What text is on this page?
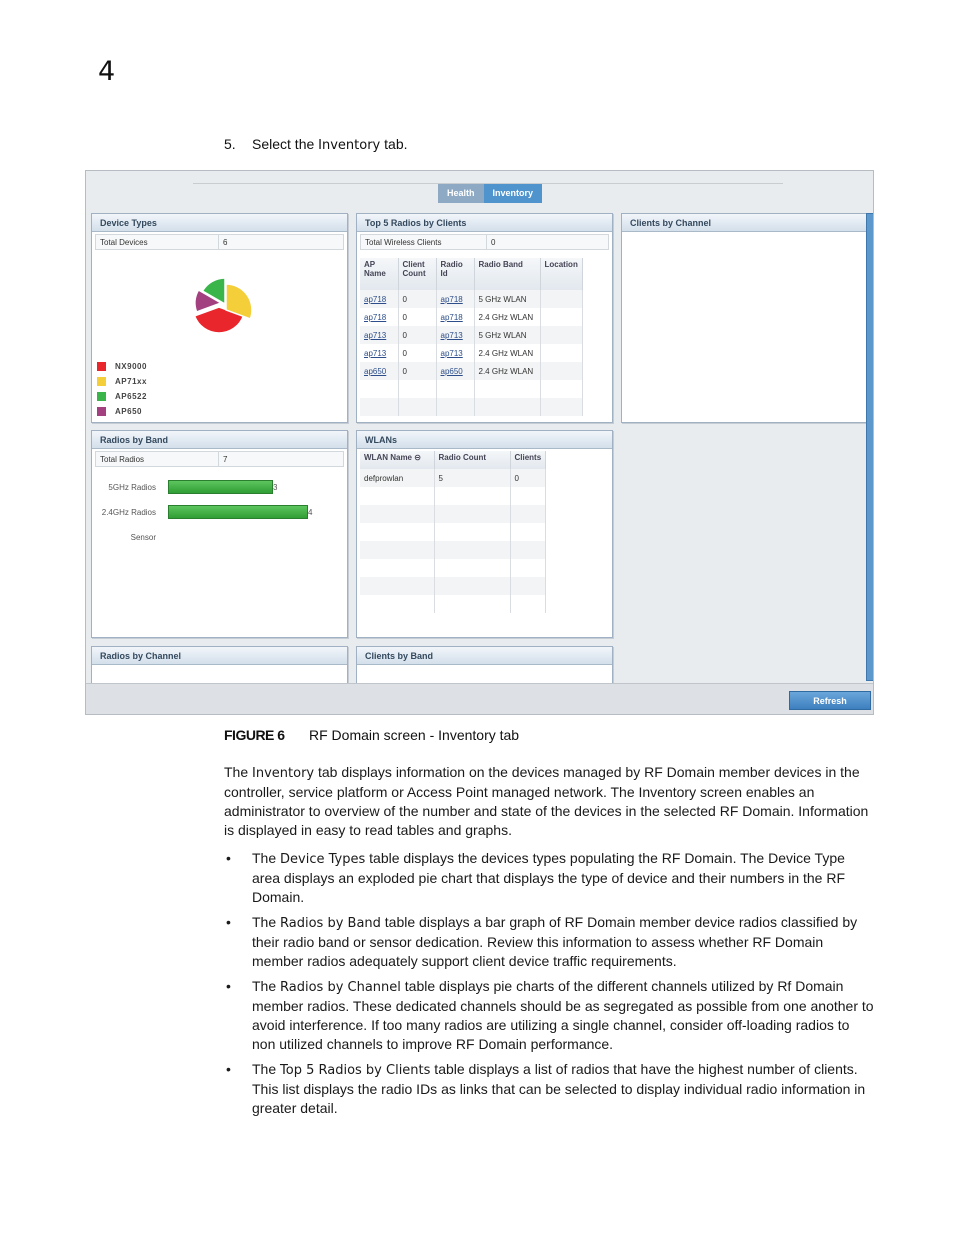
4
5. Select the Inventory tab.
Health	Inventory
Device Types
Total Devices	6
NX9000
AP71xx
AP6522
AP650
Top 5 Radios by Clients
Total Wireless Clients	0
AP Name	Client Count	Radio Id	Radio Band	Location
ap718	0	ap718	5 GHz WLAN	
ap718	0	ap718	2.4 GHz WLAN	
ap713	0	ap713	5 GHz WLAN	
ap713	0	ap713	2.4 GHz WLAN	
ap650	0	ap650	2.4 GHz WLAN	

Clients by Channel
Radios by Band
Total Radios	7
5GHz Radios	3
2.4GHz Radios	4
Sensor
WLANs
WLAN Name ⊝	Radio Count	Clients
defprowlan	5	0

Radios by Channel	Clients by Band
Refresh
FIGURE 6 RF Domain screen - Inventory tab

The Inventory tab displays information on the devices managed by RF Domain member devices in the controller, service platform or Access Point managed network. The Inventory screen enables an administrator to overview of the number and state of the devices in the selected RF Domain. Information is displayed in easy to read tables and graphs.

• The Device Types table displays the devices types populating the RF Domain. The Device Type area displays an exploded pie chart that displays the type of device and their numbers in the RF Domain.
• The Radios by Band table displays a bar graph of RF Domain member device radios classified by their radio band or sensor dedication. Review this information to assess whether RF Domain member radios adequately support client device traffic requirements.
• The Radios by Channel table displays pie charts of the different channels utilized by Rf Domain member radios. These dedicated channels should be as segregated as possible from one another to avoid interference. If too many radios are utilizing a single channel, consider off-loading radios to non utilized channels to improve RF Domain performance.
• The Top 5 Radios by Clients table displays a list of radios that have the highest number of clients. This list displays the radio IDs as links that can be selected to display individual radio information in greater detail.
